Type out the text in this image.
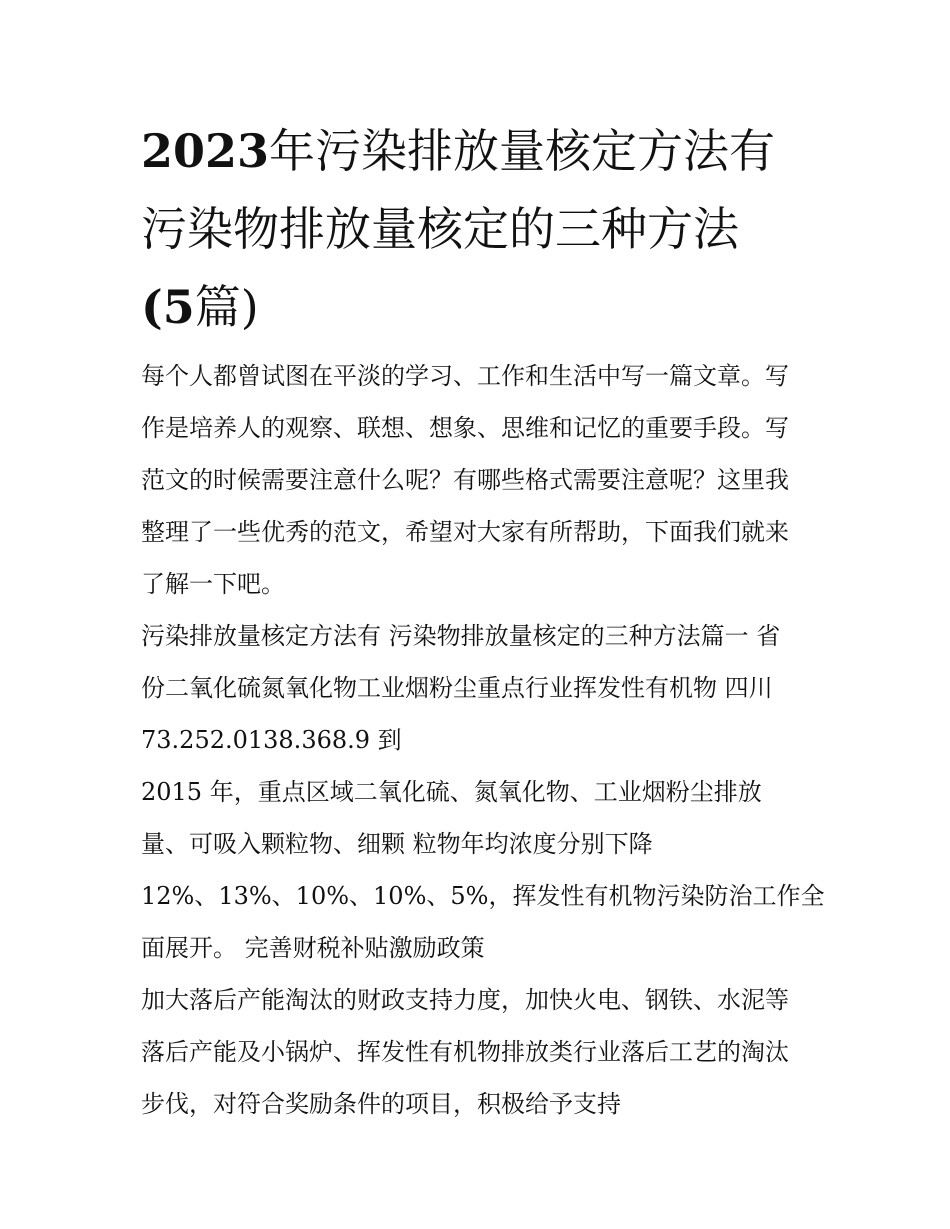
2023年污染排放量核定方法有
污染物排放量核定的三种方法
(5篇)

每个人都曾试图在平淡的学习、工作和生活中写一篇文章。写

作是培养人的观察、联想、想象、思维和记忆的重要手段。写

范文的时候需要注意什么呢？有哪些格式需要注意呢？这里我

整理了一些优秀的范文，希望对大家有所帮助，下面我们就来

了解一下吧。

污染排放量核定方法有 污染物排放量核定的三种方法篇一 省

份二氧化硫氮氧化物工业烟粉尘重点行业挥发性有机物 四川

73.252.0138.368.9 到

2015 年，重点区域二氧化硫、氮氧化物、工业烟粉尘排放

量、可吸入颗粒物、细颗 粒物年均浓度分别下降

12%、13%、10%、10%、5%，挥发性有机物污染防治工作全

面展开。 完善财税补贴激励政策

加大落后产能淘汰的财政支持力度，加快火电、钢铁、水泥等

落后产能及小锅炉、挥发性有机物排放类行业落后工艺的淘汰

步伐，对符合奖励条件的项目，积极给予支持
